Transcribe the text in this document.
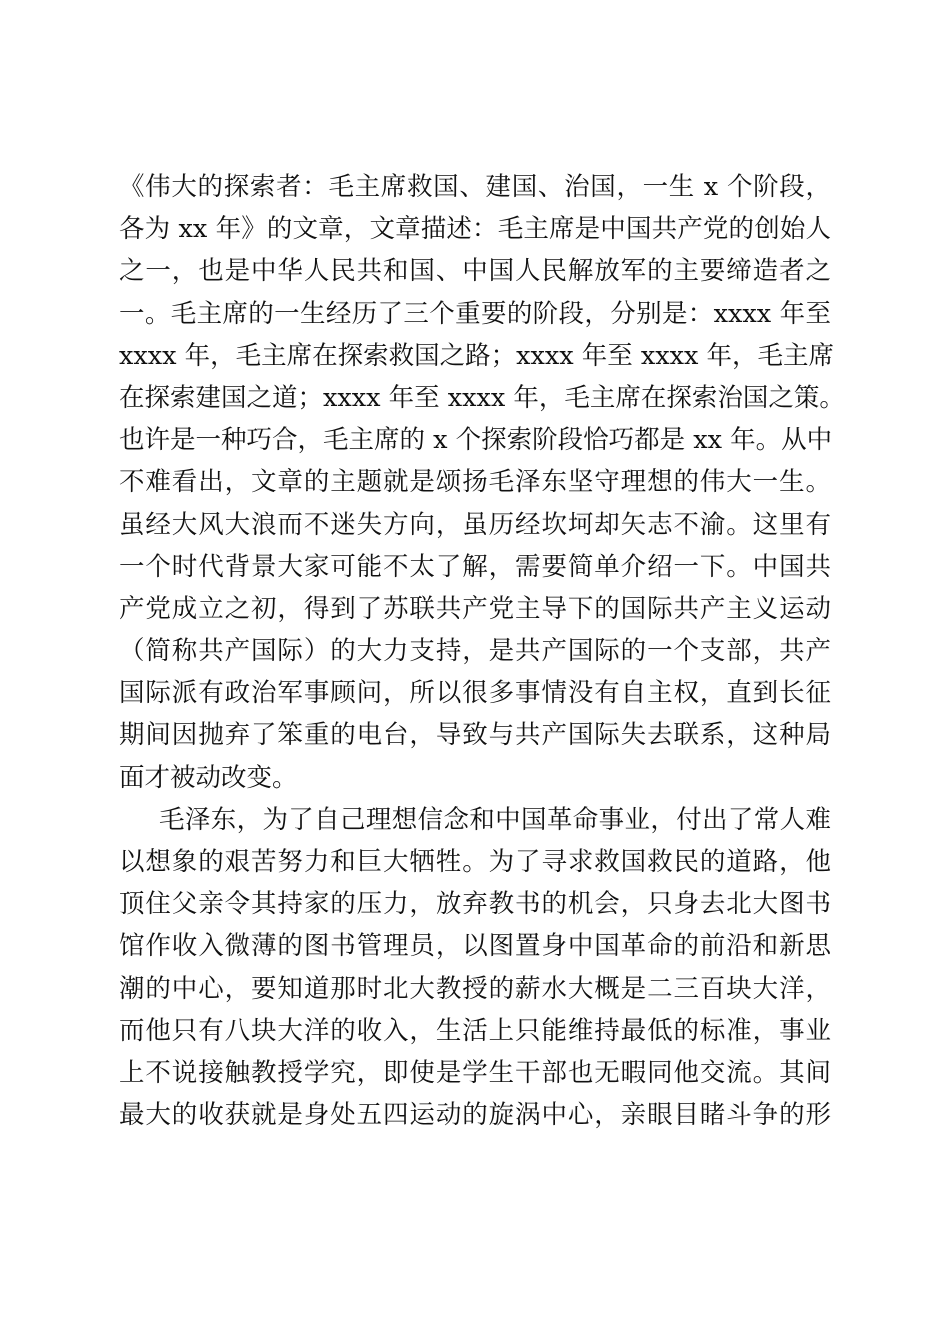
《伟大的探索者：毛主席救国、建国、治国，一生 x 个阶段，
各为 xx 年》的文章，文章描述：毛主席是中国共产党的创始人
之一，也是中华人民共和国、中国人民解放军的主要缔造者之
一。毛主席的一生经历了三个重要的阶段，分别是：xxxx 年至
xxxx 年，毛主席在探索救国之路；xxxx 年至 xxxx 年，毛主席
在探索建国之道；xxxx 年至 xxxx 年，毛主席在探索治国之策。
也许是一种巧合，毛主席的 x 个探索阶段恰巧都是 xx 年。从中
不难看出，文章的主题就是颂扬毛泽东坚守理想的伟大一生。
虽经大风大浪而不迷失方向，虽历经坎坷却矢志不渝。这里有
一个时代背景大家可能不太了解，需要简单介绍一下。中国共
产党成立之初，得到了苏联共产党主导下的国际共产主义运动
（简称共产国际）的大力支持，是共产国际的一个支部，共产
国际派有政治军事顾问，所以很多事情没有自主权，直到长征
期间因抛弃了笨重的电台，导致与共产国际失去联系，这种局
面才被动改变。
毛泽东，为了自己理想信念和中国革命事业，付出了常人难
以想象的艰苦努力和巨大牺牲。为了寻求救国救民的道路，他
顶住父亲令其持家的压力，放弃教书的机会，只身去北大图书
馆作收入微薄的图书管理员，以图置身中国革命的前沿和新思
潮的中心，要知道那时北大教授的薪水大概是二三百块大洋，
而他只有八块大洋的收入，生活上只能维持最低的标准，事业
上不说接触教授学究，即使是学生干部也无暇同他交流。其间
最大的收获就是身处五四运动的旋涡中心，亲眼目睹斗争的形
